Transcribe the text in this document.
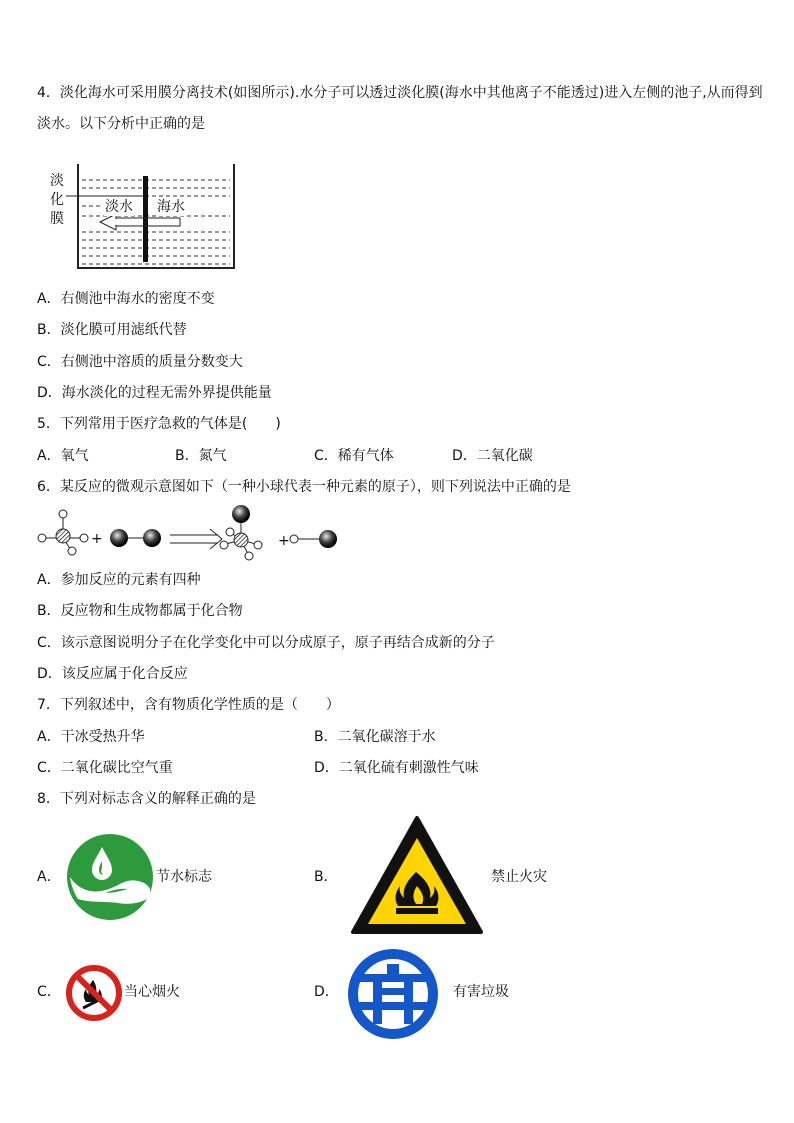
4．淡化海水可采用膜分离技术(如图所示).水分子可以透过淡化膜(海水中其他离子不能透过)进入左侧的池子,从而得到
淡水。以下分析中正确的是
淡
化
膜
淡水 海水
A．右侧池中海水的密度不变
B．淡化膜可用滤纸代替
C．右侧池中溶质的质量分数变大
D．海水淡化的过程无需外界提供能量
5．下列常用于医疗急救的气体是(　　)
A．氧气	B．氮气	C．稀有气体	D．二氧化碳
6．某反应的微观示意图如下（一种小球代表一种元素的原子），则下列说法中正确的是
+	+
A．参加反应的元素有四种
B．反应物和生成物都属于化合物
C．该示意图说明分子在化学变化中可以分成原子，原子再结合成新的分子
D．该反应属于化合反应
7．下列叙述中，含有物质化学性质的是（　　）
A．干冰受热升华	B．二氧化碳溶于水
C．二氧化碳比空气重	D．二氧化硫有刺激性气味
8．下列对标志含义的解释正确的是
A．	节水标志	B．	禁止火灾
C．	当心烟火	D．	有害垃圾
